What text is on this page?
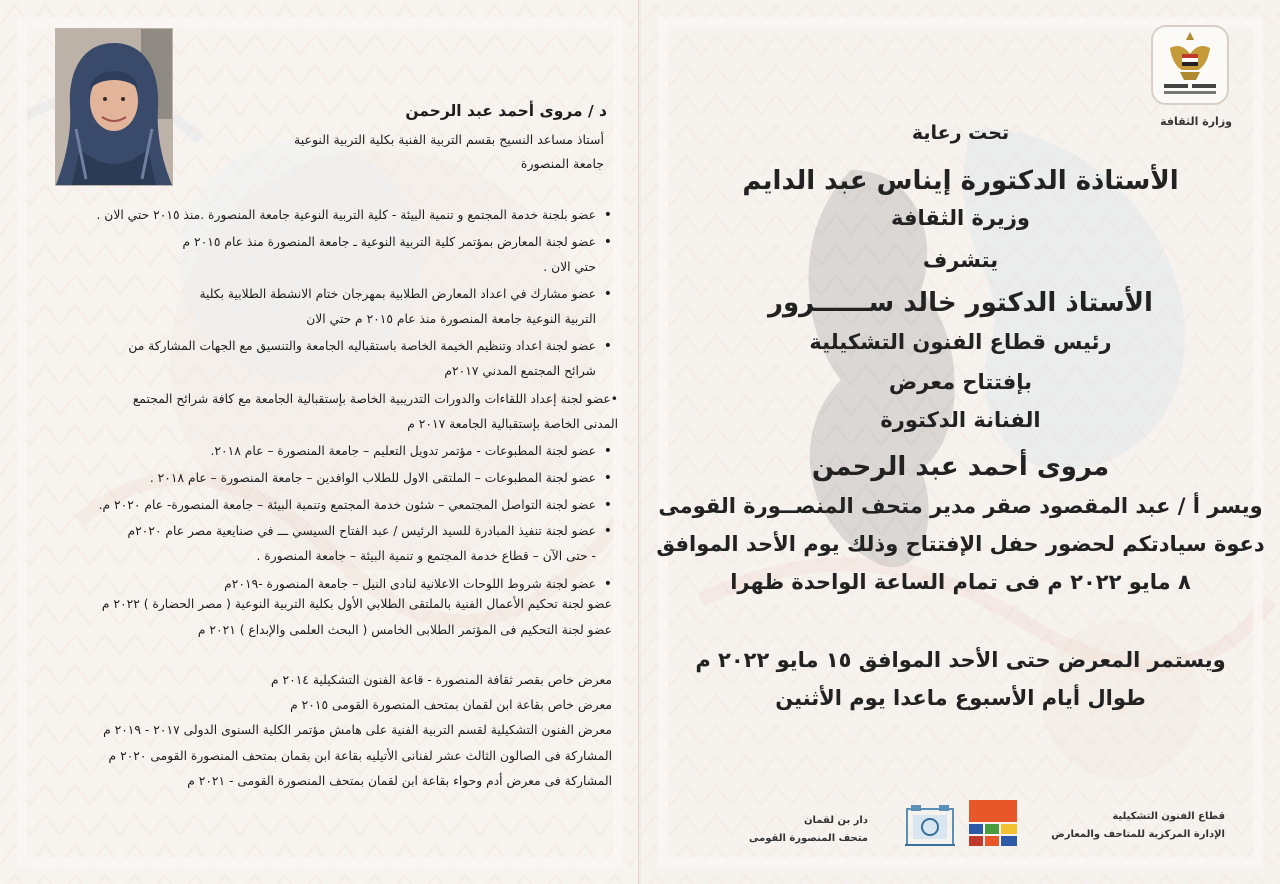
د / مروى أحمد عبد الرحمن
أستاذ مساعد النسيج بقسم التربية الفنية بكلية التربية النوعية
جامعة المنصورة
•
عضو بلجنة خدمة المجتمع و تنمية البيئة - كلية التربية النوعية جامعة المنصورة .منذ ٢٠١٥ حتي الان .
•
عضو لجنة المعارض بمؤتمر كلية التربية النوعية ـ جامعة المنصورة منذ عام ٢٠١٥ م
حتي الان .
•
عضو مشارك في اعداد المعارض الطلابية بمهرجان ختام الانشطة الطلابية بكلية
التربية النوعية جامعة المنصورة منذ عام ٢٠١٥ م حتي الان
•
عضو لجنة اعداد وتنظيم الخيمة الخاصة باستقباليه الجامعة والتنسيق مع الجهات المشاركة من
شرائح المجتمع المدني ٢٠١٧م
•عضو لجنة إعداد اللقاءات والدورات التدريبية الخاصة بإستقبالية الجامعة مع كافة شرائح المجتمع
المدنى الخاصة بإستقبالية الجامعة ٢٠١٧ م
•
عضو لجنة المطبوعات - مؤتمر تدويل التعليم – جامعة المنصورة – عام ٢٠١٨.
•
عضو لجنة المطبوعات – الملتقى الاول للطلاب الوافدين – جامعة المنصورة – عام ٢٠١٨ .
•
عضو لجنة التواصل المجتمعي – شئون خدمة المجتمع وتنمية البيئة – جامعة المنصورة- عام ٢٠٢٠ م.
•
عضو لجنة تنفيذ المبادرة للسيد الرئيس / عبد الفتاح السيسي ـــ في صنايعية مصر عام ٢٠٢٠م
- حتى الآن – قطاع خدمة المجتمع و تنمية البيئة – جامعة المنصورة .
•
عضو لجنة شروط اللوحات الاعلانية لنادى النيل – جامعة المنصورة -٢٠١٩م
عضو لجنة تحكيم الأعمال الفنية بالملتقى الطلابي الأول بكلية التربية النوعية ( مصر الحضارة ) ٢٠٢٢ م
عضو لجنة التحكيم فى المؤتمر الطلابى الخامس ( البحث العلمى والإبداع ) ٢٠٢١ م
معرض خاص بقصر ثقافة المنصورة - قاعة الفنون التشكيلية ٢٠١٤ م
معرض خاص بقاعة ابن لقمان بمتحف المنصورة القومى ٢٠١٥ م
معرض الفنون التشكيلية لقسم التربية الفنية على هامش مؤتمر الكلية السنوى الدولى ٢٠١٧ - ٢٠١٩ م
المشاركة فى الصالون الثالث عشر لفنانى الأتيليه بقاعة ابن بقمان بمتحف المنصورة القومى ٢٠٢٠ م
المشاركة فى معرض أدم وحواء بقاعة ابن لقمان بمتحف المنصورة القومى - ٢٠٢١ م
وزارة الثقافة
تحت رعاية
الأستاذة الدكتورة إيناس عبد الدايم
وزيرة الثقافة
يتشرف
الأستاذ الدكتور خالد ســــــرور
رئيس قطاع الفنون التشكيلية
بإفتتاح معرض
الفنانة الدكتورة
مروى أحمد عبد الرحمن
ويسر أ / عبد المقصود صقر مدير متحف المنصــورة القومى
دعوة سيادتكم لحضور حفل الإفتتاح وذلك يوم الأحد الموافق
٨ مايو ٢٠٢٢ م فى تمام الساعة الواحدة ظهرا
ويستمر المعرض حتى الأحد الموافق ١٥ مايو ٢٠٢٢ م
طوال أيام الأسبوع ماعدا يوم الأثنين
قطاع الفنون التشكيلية
الإدارة المركزية للمتاحف والمعارض
دار بن لقمان
متحف المنصورة القومى
